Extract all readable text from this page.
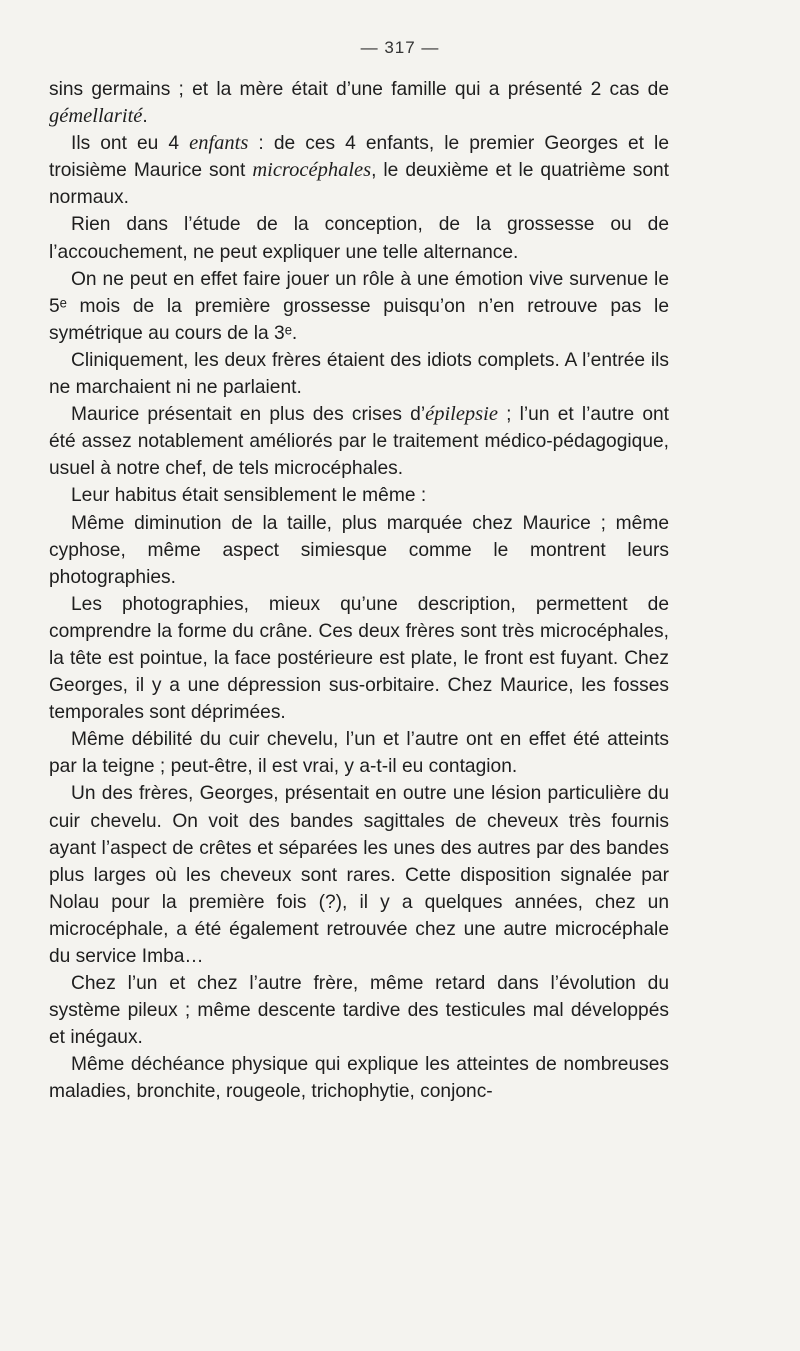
— 317 —

sins germains ; et la mère était d’une famille qui a présenté 2 cas de gémellarité.

Ils ont eu 4 enfants : de ces 4 enfants, le premier Georges et le troisième Maurice sont microcéphales, le deuxième et le quatrième sont normaux.

Rien dans l’étude de la conception, de la grossesse ou de l’accouchement, ne peut expliquer une telle alternance.

On ne peut en effet faire jouer un rôle à une émotion vive survenue le 5ᵉ mois de la première grossesse puisqu’on n’en retrouve pas le symétrique au cours de la 3ᵉ.

Cliniquement, les deux frères étaient des idiots complets. A l’entrée ils ne marchaient ni ne parlaient.

Maurice présentait en plus des crises d’épilepsie ; l’un et l’autre ont été assez notablement améliorés par le traitement médico-pédagogique, usuel à notre chef, de tels microcéphales.

Leur habitus était sensiblement le même :

Même diminution de la taille, plus marquée chez Maurice ; même cyphose, même aspect simiesque comme le montrent leurs photographies.

Les photographies, mieux qu’une description, permettent de comprendre la forme du crâne. Ces deux frères sont très microcéphales, la tête est pointue, la face postérieure est plate, le front est fuyant. Chez Georges, il y a une dépression sus-orbitaire. Chez Maurice, les fosses temporales sont déprimées.

Même débilité du cuir chevelu, l’un et l’autre ont en effet été atteints par la teigne ; peut-être, il est vrai, y a-t-il eu contagion.

Un des frères, Georges, présentait en outre une lésion particulière du cuir chevelu. On voit des bandes sagittales de cheveux très fournis ayant l’aspect de crêtes et séparées les unes des autres par des bandes plus larges où les cheveux sont rares. Cette disposition signalée par Nolau pour la première fois (?), il y a quelques années, chez un microcéphale, a été également retrouvée chez une autre microcéphale du service Imba…

Chez l’un et chez l’autre frère, même retard dans l’évolution du système pileux ; même descente tardive des testicules mal développés et inégaux.

Même déchéance physique qui explique les atteintes de nombreuses maladies, bronchite, rougeole, trichophytie, conjonc-
